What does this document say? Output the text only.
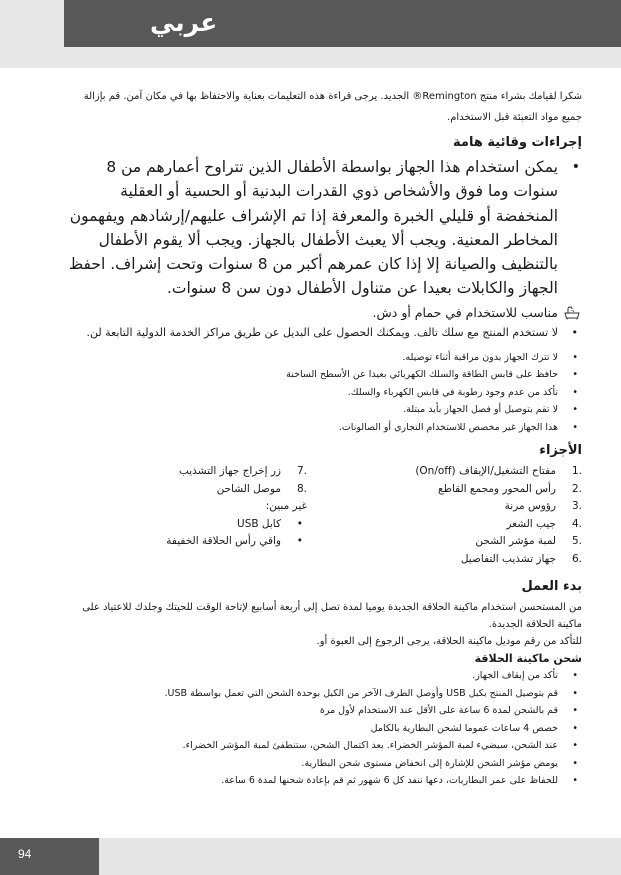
عربي

شكرا لقيامك بشراء منتج Remington® الجديد. يرجى قراءة هذه التعليمات بعناية والاحتفاظ بها في مكان آمن. قم بإزالة جميع مواد التعبئة قبل الاستخدام.

إجراءات وقائية هامة
•
يمكن استخدام هذا الجهاز بواسطة الأطفال الذين تتراوح أعمارهم من 8 سنوات وما فوق والأشخاص ذوي القدرات البدنية أو الحسية أو العقلية المنخفضة أو قليلي الخبرة والمعرفة إذا تم الإشراف عليهم/إرشادهم ويفهمون المخاطر المعنية. ويجب ألا يعبث الأطفال بالجهاز. ويجب ألا يقوم الأطفال بالتنظيف والصيانة إلا إذا كان عمرهم أكبر من 8 سنوات وتحت إشراف. احفظ الجهاز والكابلات بعيدا عن متناول الأطفال دون سن 8 سنوات.
مناسب للاستخدام في حمام أو دش.
•
لا تستخدم المنتج مع سلك تالف. ويمكنك الحصول على البديل عن طريق مراكز الخدمة الدولية التابعة لن.
•
لا تترك الجهاز بدون مراقبة أثناء توصيله.
•
حافظ على قابس الطاقة والسلك الكهربائي بعيدا عن الأسطح الساخنة
•
تأكد من عدم وجود رطوبة في قابس الكهرباء والسلك.
•
لا تقم بتوصيل أو فصل الجهاز بأيد مبتلة.
•
هذا الجهاز غير مخصص للاستخدام التجاري أو الصالونات.
الأجزاء
1.
مفتاح التشغيل/الإيقاف (On/off)
2.
رأس المحور ومجمع القاطع
3.
رؤوس مرنة
4.
جيب الشعر
5.
لمبة مؤشر الشحن
6.
جهاز تشذيب التفاصيل
7.
زر إخراج جهاز التشذيب
8.
موصل الشاحن
غير مبين:
•
كابل USB
•
واقي رأس الحلاقة الخفيفة
بدء العمل

من المستحسن استخدام ماكينة الحلاقة الجديدة يوميا لمدة تصل إلى أربعة أسابيع لإتاحة الوقت للحيتك وجلدك للاعتياد على ماكينة الحلاقة الجديدة.

للتأكد من رقم موديل ماكينة الحلاقة، يرجى الرجوع إلى العبوة أو.

شحن ماكينة الحلاقة
•
تأكد من إيقاف الجهاز.
•
قم بتوصيل المنتج بكبل USB وأوصل الطرف الآخر من الكبل بوحدة الشحن التي تعمل بواسطة USB.
•
قم بالشحن لمدة 6 ساعة على الأقل عند الاستخدام لأول مرة
•
خصص 4 ساعات عموما لشحن البطارية بالكامل
•
عند الشحن، سيضيء لمبة المؤشر الخضراء. بعد اكتمال الشحن، ستنطفئ لمبة المؤشر الخضراء.
•
يومض مؤشر الشحن للإشارة إلى انخفاض مستوى شحن البطارية.
•
للحفاظ على عمر البطاريات، دعها تنفد كل 6 شهور ثم قم بإعادة شحنها لمدة 6 ساعة.
94
